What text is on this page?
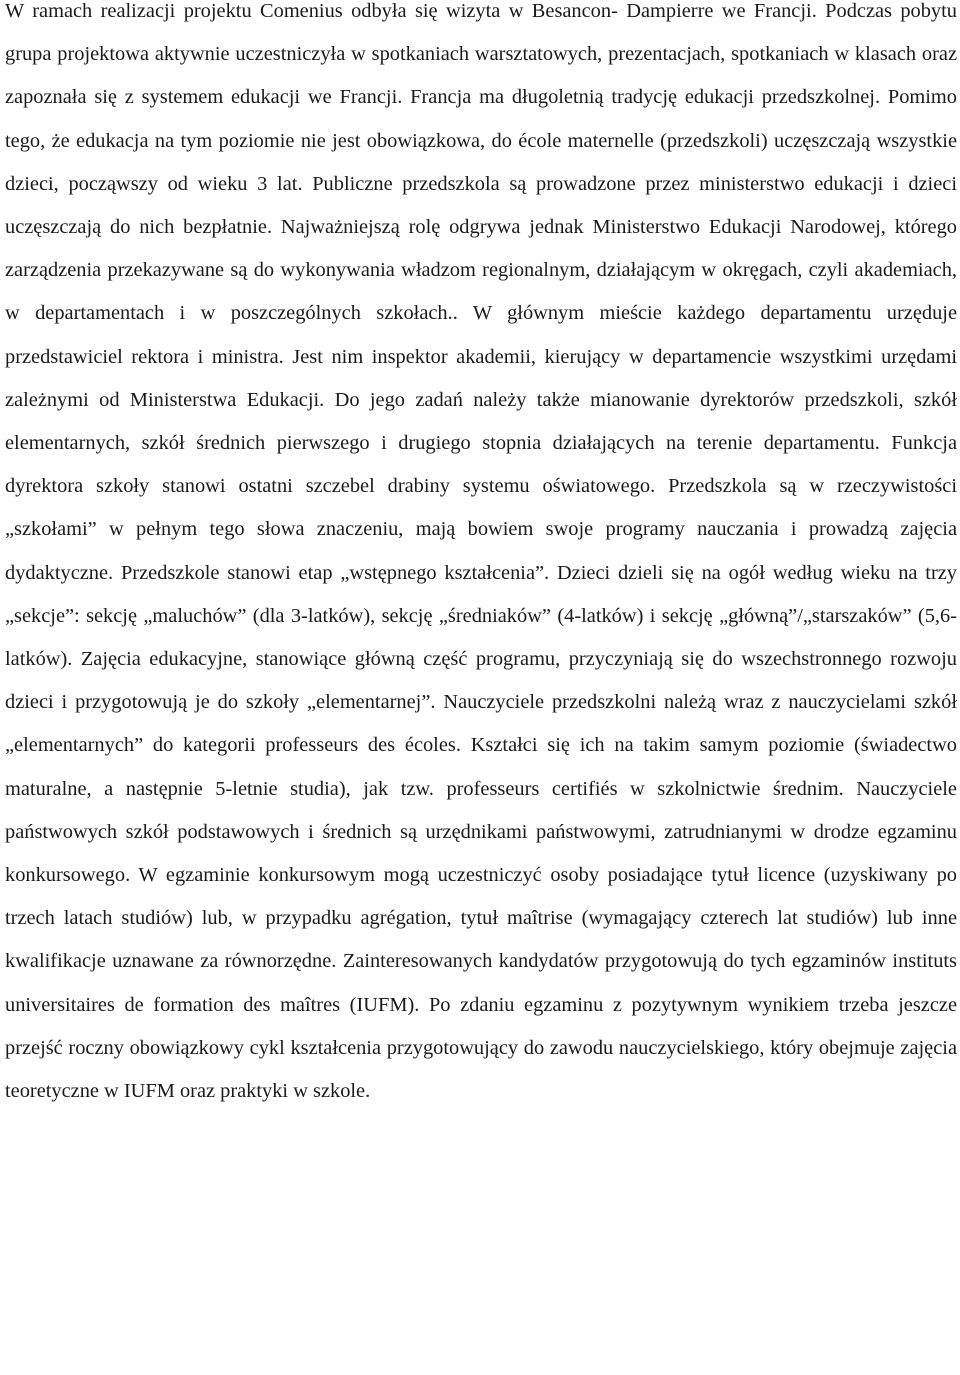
W ramach realizacji projektu Comenius odbyła się wizyta w Besancon- Dampierre we Francji. Podczas pobytu grupa projektowa aktywnie uczestniczyła w spotkaniach warsztatowych, prezentacjach, spotkaniach w klasach oraz zapoznała się z systemem edukacji we Francji. Francja ma długoletnią tradycję edukacji przedszkolnej. Pomimo tego, że edukacja na tym poziomie nie jest obowiązkowa, do école maternelle (przedszkoli) uczęszczają wszystkie dzieci, począwszy od wieku 3 lat. Publiczne przedszkola są prowadzone przez ministerstwo edukacji i dzieci uczęszczają do nich bezpłatnie. Najważniejszą rolę odgrywa jednak Ministerstwo Edukacji Narodowej, którego zarządzenia przekazywane są do wykonywania władzom regionalnym, działającym w okręgach, czyli akademiach, w departamentach i w poszczególnych szkołach.. W głównym mieście każdego departamentu urzęduje przedstawiciel rektora i ministra. Jest nim inspektor akademii, kierujący w departamencie wszystkimi urzędami zależnymi od Ministerstwa Edukacji. Do jego zadań należy także mianowanie dyrektorów przedszkoli, szkół elementarnych, szkół średnich pierwszego i drugiego stopnia działających na terenie departamentu. Funkcja dyrektora szkoły stanowi ostatni szczebel drabiny systemu oświatowego. Przedszkola są w rzeczywistości „szkołami” w pełnym tego słowa znaczeniu, mają bowiem swoje programy nauczania i prowadzą zajęcia dydaktyczne. Przedszkole stanowi etap „wstępnego kształcenia”. Dzieci dzieli się na ogół według wieku na trzy „sekcje”: sekcję „maluchów” (dla 3-latków), sekcję „średniaków” (4-latków) i sekcję „główną”/„starszaków” (5,6-latków). Zajęcia edukacyjne, stanowiące główną część programu, przyczyniają się do wszechstronnego rozwoju dzieci i przygotowują je do szkoły „elementarnej”. Nauczyciele przedszkolni należą wraz z nauczycielami szkół „elementarnych” do kategorii professeurs des écoles. Kształci się ich na takim samym poziomie (świadectwo maturalne, a następnie 5-letnie studia), jak tzw. professeurs certifiés w szkolnictwie średnim. Nauczyciele państwowych szkół podstawowych i średnich są urzędnikami państwowymi, zatrudnianymi w drodze egzaminu konkursowego. W egzaminie konkursowym mogą uczestniczyć osoby posiadające tytuł licence (uzyskiwany po trzech latach studiów) lub, w przypadku agrégation, tytuł maîtrise (wymagający czterech lat studiów) lub inne kwalifikacje uznawane za równorzędne. Zainteresowanych kandydatów przygotowują do tych egzaminów instituts universitaires de formation des maîtres (IUFM). Po zdaniu egzaminu z pozytywnym wynikiem trzeba jeszcze przejść roczny obowiązkowy cykl kształcenia przygotowujący do zawodu nauczycielskiego, który obejmuje zajęcia teoretyczne w IUFM oraz praktyki w szkole.
